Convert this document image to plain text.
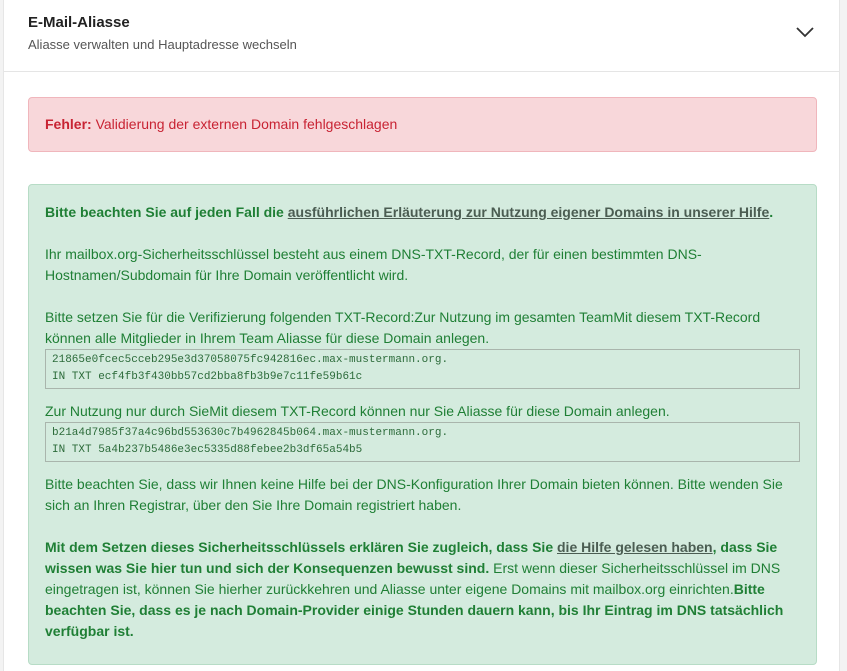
E-Mail-Aliasse
Aliasse verwalten und Hauptadresse wechseln
Fehler: Validierung der externen Domain fehlgeschlagen

Bitte beachten Sie auf jeden Fall die ausführlichen Erläuterung zur Nutzung eigener Domains in unserer Hilfe.

Ihr mailbox.org-Sicherheitsschlüssel besteht aus einem DNS-TXT-Record, der für einen bestimmten DNS-Hostnamen/Subdomain für Ihre Domain veröffentlicht wird.

Bitte setzen Sie für die Verifizierung folgenden TXT-Record:Zur Nutzung im gesamten TeamMit diesem TXT-Record können alle Mitglieder in Ihrem Team Aliasse für diese Domain anlegen.

21865e0fcec5cceb295e3d37058075fc942816ec.max-mustermann.org.
IN TXT ecf4fb3f430bb57cd2bba8fb3b9e7c11fe59b61c

Zur Nutzung nur durch SieMit diesem TXT-Record können nur Sie Aliasse für diese Domain anlegen.

b21a4d7985f37a4c96bd553630c7b4962845b064.max-mustermann.org.
IN TXT 5a4b237b5486e3ec5335d88febee2b3df65a54b5

Bitte beachten Sie, dass wir Ihnen keine Hilfe bei der DNS-Konfiguration Ihrer Domain bieten können. Bitte wenden Sie sich an Ihren Registrar, über den Sie Ihre Domain registriert haben.

Mit dem Setzen dieses Sicherheitsschlüssels erklären Sie zugleich, dass Sie die Hilfe gelesen haben, dass Sie wissen was Sie hier tun und sich der Konsequenzen bewusst sind. Erst wenn dieser Sicherheitsschlüssel im DNS eingetragen ist, können Sie hierher zurückkehren und Aliasse unter eigene Domains mit mailbox.org einrichten.Bitte beachten Sie, dass es je nach Domain-Provider einige Stunden dauern kann, bis Ihr Eintrag im DNS tatsächlich verfügbar ist.
